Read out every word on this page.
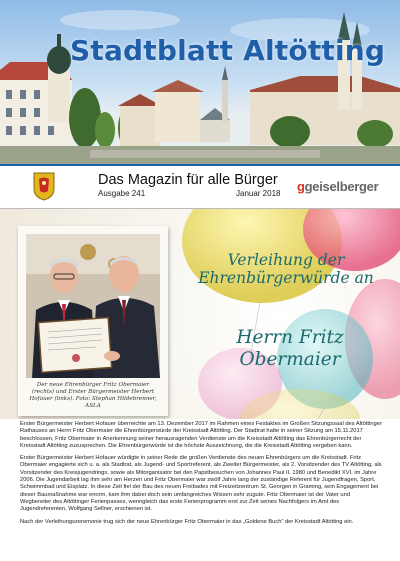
Stadtblatt Altötting
Das Magazin für alle Bürger
Ausgabe 241	Januar 2018 ggeiselberger
Der neue Ehrenbürger Fritz Obermaier (rechts) und Erster Bürgermeister Herbert Hofauer (links). Foto: Stephan Hildebrenner, ASLA
Verleihung der Ehrenbürgerwürde an
Herrn Fritz Obermaier

Erster Bürgermeister Herbert Hofauer überreichte am 13. Dezember 2017 im Rahmen eines Festaktes im Großen Sitzungssaal des Altöttinger Rathauses an Herrn Fritz Obermaier die Ehrenbürgerwürde der Kreisstadt Altötting. Der Stadtrat hatte in seiner Sitzung am 15.11.2017 beschlossen, Fritz Obermaier in Anerkennung seiner herausragenden Verdienste um die Kreisstadt Altötting das Ehrenbürgerrecht der Kreisstadt Altötting zuzusprechen. Die Ehrenbürgerwürde ist die höchste Auszeichnung, die die Kreisstadt Altötting vergeben kann.

Erster Bürgermeister Herbert Hofauer würdigte in seiner Rede die großen Verdienste des neuen Ehrenbürgers um die Kreisstadt. Fritz Obermaier engagierte sich u. a. als Stadtrat, als Jugend- und Sportreferent, als Zweiter Bürgermeister, als 2. Vorsitzender des TV Altötting, als Vorsitzender des Kreisjugendrings, sowie als Mitorganisator bei den Papstbesuchen von Johannes Paul II. 1980 und Benedikt XVI. im Jahre 2006. Die Jugendarbeit lag ihm sehr am Herzen und Fritz Obermaier war zwölf Jahre lang der zuständige Referent für Jugendfragen, Sport, Schwimmbad und Eisplatz. In diese Zeit fiel der Bau des neuen Freibades mit Freizeitzentrum St. Georgen in Graming, sein Engagement bei dieser Baumaßnahme war enorm, kam ihm dabei doch sein umfangreiches Wissen sehr zugute. Fritz Obermaier ist der Vater und Wegbereiter des Altöttinger Ferienpasses, wenngleich das erste Ferienprogramm erst zur Zeit seines Nachfolgers im Amt des Jugendreferenten, Wolfgang Sellner, erschienen ist.

Nach der Verleihungszeremonie trug sich der neue Ehrenbürger Fritz Obermaier in das „Goldene Buch“ der Kreisstadt Altötting ein.
